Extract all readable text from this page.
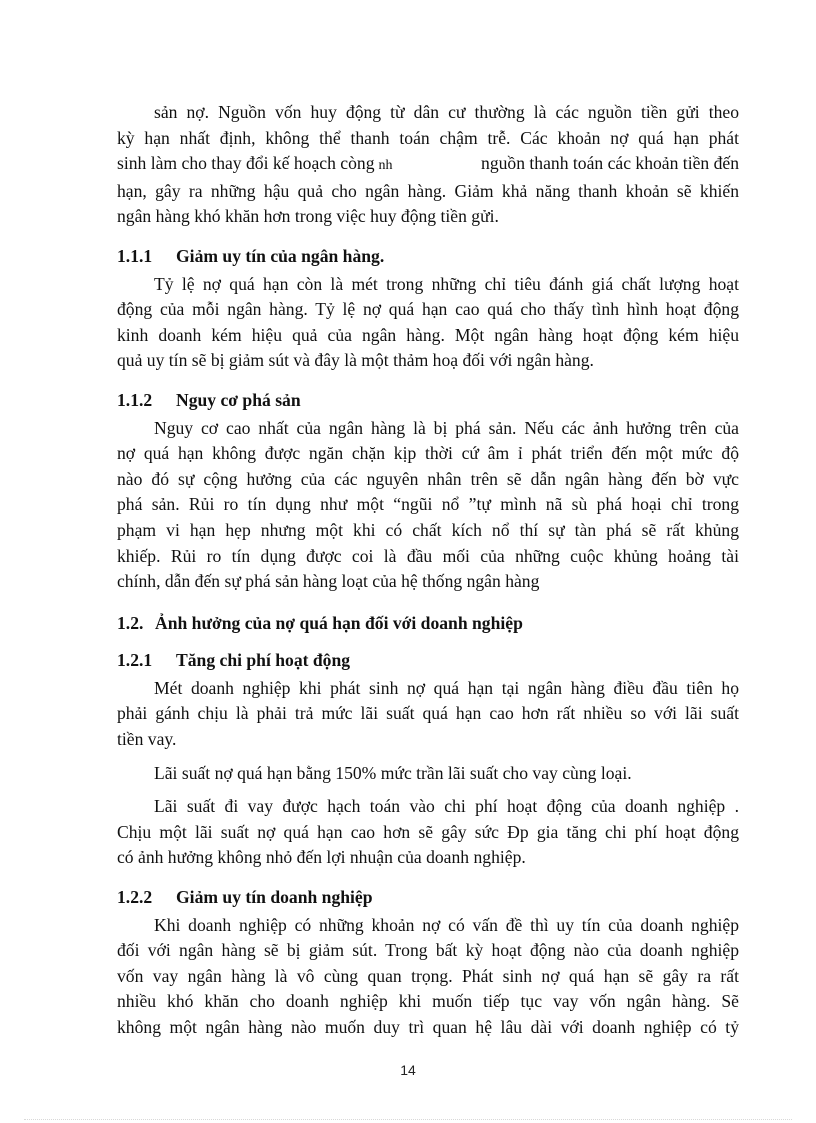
sản nợ. Nguồn vốn huy động từ dân cư thường là các nguồn tiền gửi theo
kỳ hạn nhất định, không thể thanh toán chậm trễ. Các khoản nợ quá hạn phát
sinh làm cho thay đổi kế hoạch còng nh	nguồn thanh toán các khoản tiền đến
hạn, gây ra những hậu quả cho ngân hàng. Giảm khả năng thanh khoản sẽ khiến
ngân hàng khó khăn hơn trong việc huy động tiền gửi.
1.1.1	Giảm uy tín của ngân hàng.
Tỷ lệ nợ quá hạn còn là mét trong những chỉ tiêu đánh giá chất lượng hoạt
động của mỗi ngân hàng. Tỷ lệ nợ quá hạn cao quá cho thấy tình hình hoạt động
kinh doanh kém hiệu quả của ngân hàng. Một ngân hàng hoạt động kém hiệu
quả uy tín sẽ bị giảm sút và đây là một thảm hoạ đối với ngân hàng.
1.1.2	Nguy cơ phá sản
Nguy cơ cao nhất của ngân hàng là bị phá sản. Nếu các ảnh hưởng trên của
nợ quá hạn không được ngăn chặn kịp thời cứ âm ỉ phát triển đến một mức độ
nào đó sự cộng hưởng của các nguyên nhân trên sẽ dẫn ngân hàng đến bờ vực
phá sản. Rủi ro tín dụng như một “ngũi nổ ”tự mình nã sù phá hoại chỉ trong
phạm vi hạn hẹp nhưng một khi có chất kích nổ thí sự tàn phá sẽ rất khủng
khiếp. Rủi ro tín dụng được coi là đầu mối của những cuộc khủng hoảng tài
chính, dẫn đến sự phá sản hàng loạt của hệ thống ngân hàng
1.2. Ảnh hưởng của nợ quá hạn đối với doanh nghiệp
1.2.1	Tăng chi phí hoạt động
Mét doanh nghiệp khi phát sinh nợ quá hạn tại ngân hàng điều đầu tiên họ
phải gánh chịu là phải trả mức lãi suất quá hạn cao hơn rất nhiều so với lãi suất
tiền vay.
Lãi suất nợ quá hạn bằng 150% mức trần lãi suất cho vay cùng loại.
Lãi suất đi vay được hạch toán vào chi phí hoạt động của doanh nghiệp .
Chịu một lãi suất nợ quá hạn cao hơn sẽ gây sức Đp gia tăng chi phí hoạt động
có ảnh hưởng không nhỏ đến lợi nhuận của doanh nghiệp.
1.2.2	Giảm uy tín doanh nghiệp
Khi doanh nghiệp có những khoản nợ có vấn đề thì uy tín của doanh nghiệp
đối với ngân hàng sẽ bị giảm sút. Trong bất kỳ hoạt động nào của doanh nghiệp
vốn vay ngân hàng là vô cùng quan trọng. Phát sinh nợ quá hạn sẽ gây ra rất
nhiều khó khăn cho doanh nghiệp khi muốn tiếp tục vay vốn ngân hàng. Sẽ
không một ngân hàng nào muốn duy trì quan hệ lâu dài với doanh nghiệp có tỷ
14
